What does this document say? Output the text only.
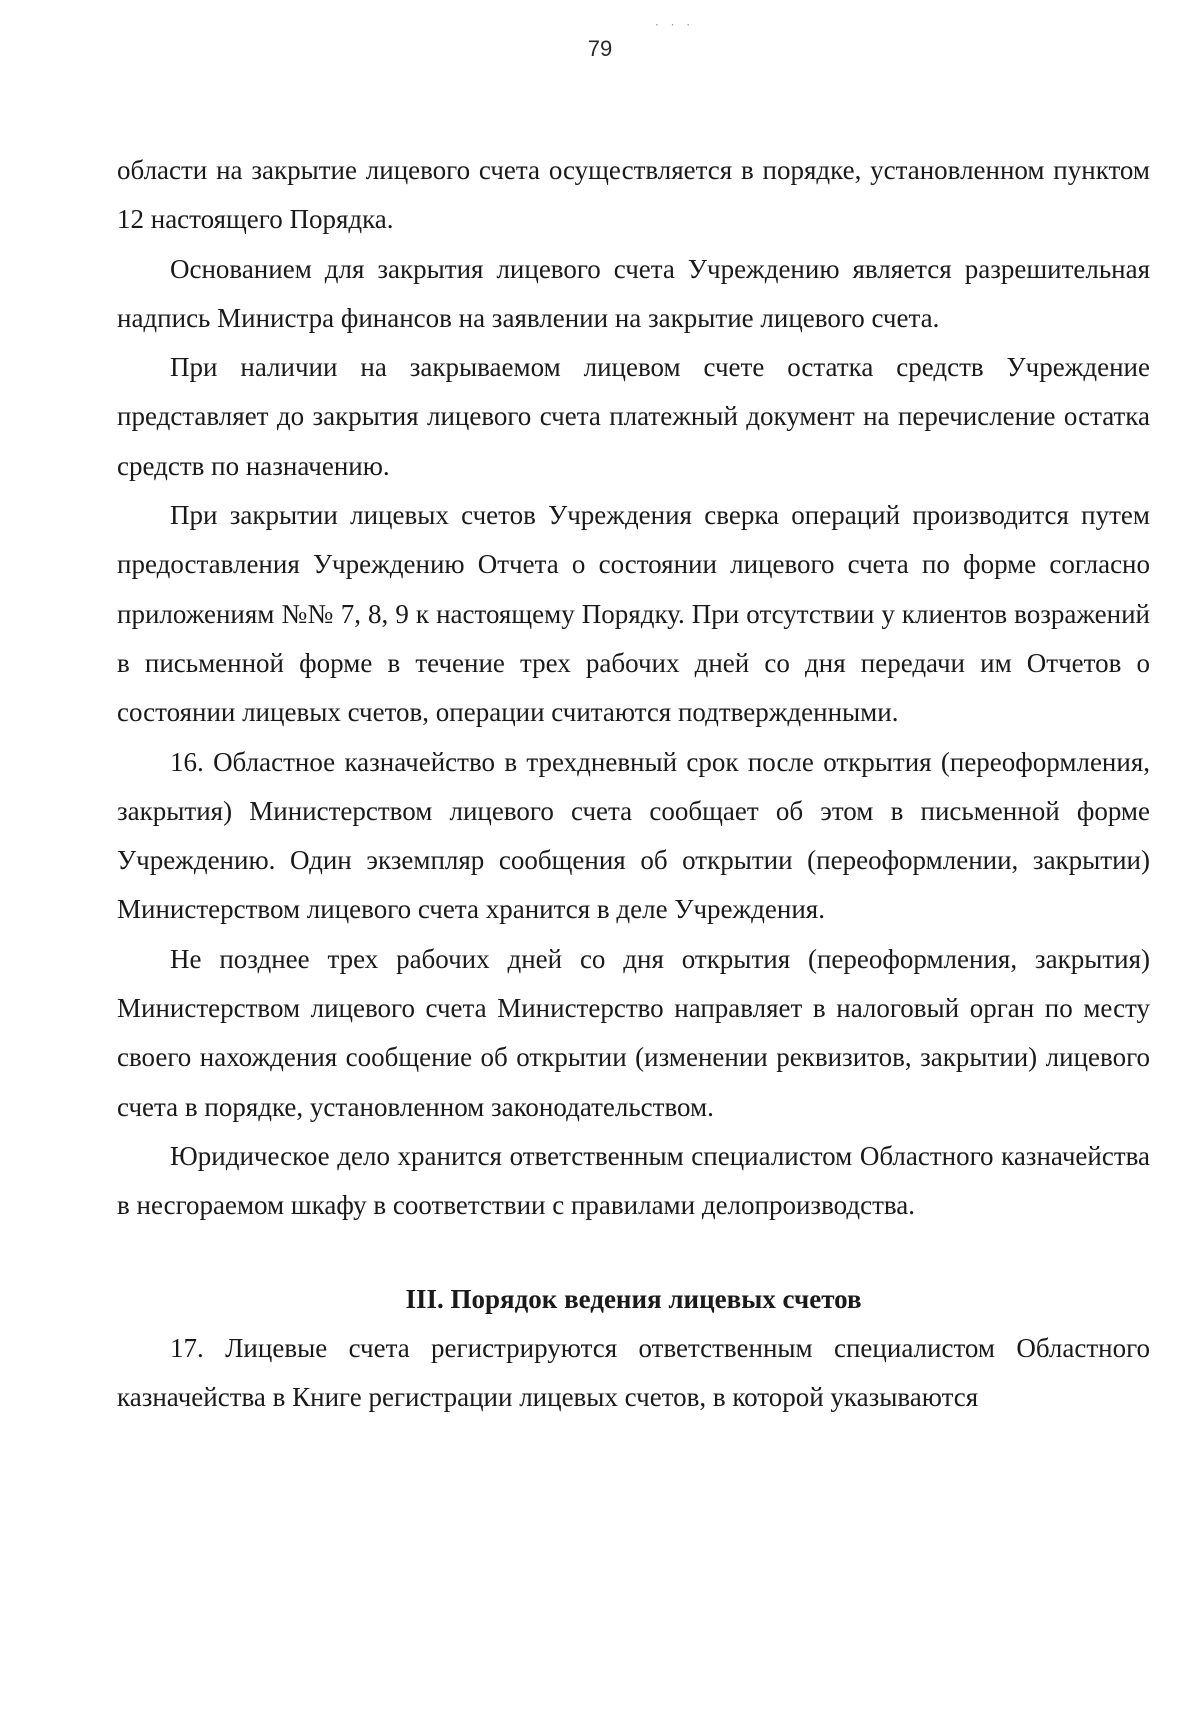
· · ·
79

области на закрытие лицевого счета осуществляется в порядке, установленном пунктом 12 настоящего Порядка.

Основанием для закрытия лицевого счета Учреждению является разрешительная надпись Министра финансов на заявлении на закрытие лицевого счета.

При наличии на закрываемом лицевом счете остатка средств Учреждение представляет до закрытия лицевого счета платежный документ на перечисление остатка средств по назначению.

При закрытии лицевых счетов Учреждения сверка операций производится путем предоставления Учреждению Отчета о состоянии лицевого счета по форме согласно приложениям №№ 7, 8, 9 к настоящему Порядку. При отсутствии у клиентов возражений в письменной форме в течение трех рабочих дней со дня передачи им Отчетов о состоянии лицевых счетов, операции считаются подтвержденными.

16. Областное казначейство в трехдневный срок после открытия (переоформления, закрытия) Министерством лицевого счета сообщает об этом в письменной форме Учреждению. Один экземпляр сообщения об открытии (переоформлении, закрытии) Министерством лицевого счета хранится в деле Учреждения.

Не позднее трех рабочих дней со дня открытия (переоформления, закрытия) Министерством лицевого счета Министерство направляет в налоговый орган по месту своего нахождения сообщение об открытии (изменении реквизитов, закрытии) лицевого счета в порядке, установленном законодательством.

Юридическое дело хранится ответственным специалистом Областного казначейства в несгораемом шкафу в соответствии с правилами делопроизводства.

III. Порядок ведения лицевых счетов

17. Лицевые счета регистрируются ответственным специалистом Областного казначейства в Книге регистрации лицевых счетов, в которой указываются
